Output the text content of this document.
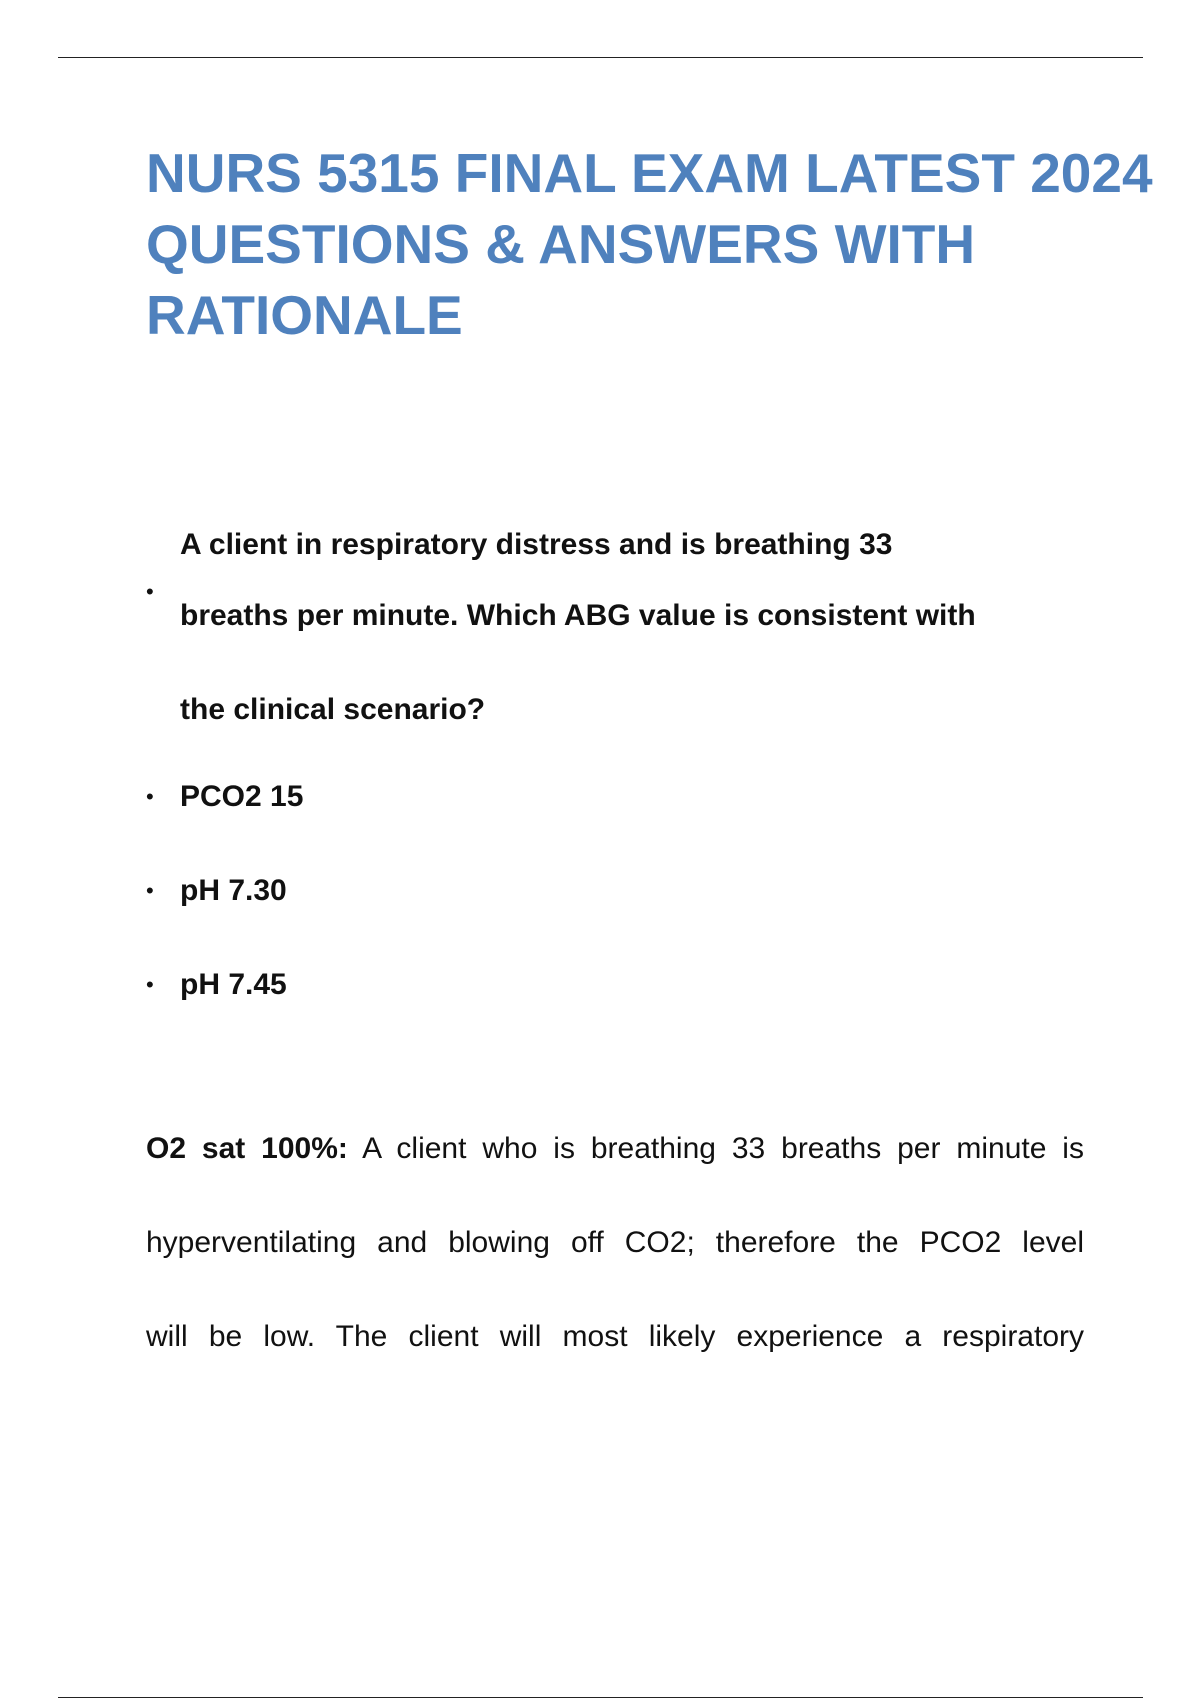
NURS 5315 FINAL EXAM LATEST 2024
QUESTIONS & ANSWERS WITH
RATIONALE
•
A client in respiratory distress and is breathing 33
breaths per minute. Which ABG value is consistent with
the clinical scenario?
• PCO2 15
• pH 7.30
• pH 7.45
O2 sat 100%: A client who is breathing 33 breaths per minute is
hyperventilating and blowing off CO2; therefore the PCO2 level
will be low. The client will most likely experience a respiratory
